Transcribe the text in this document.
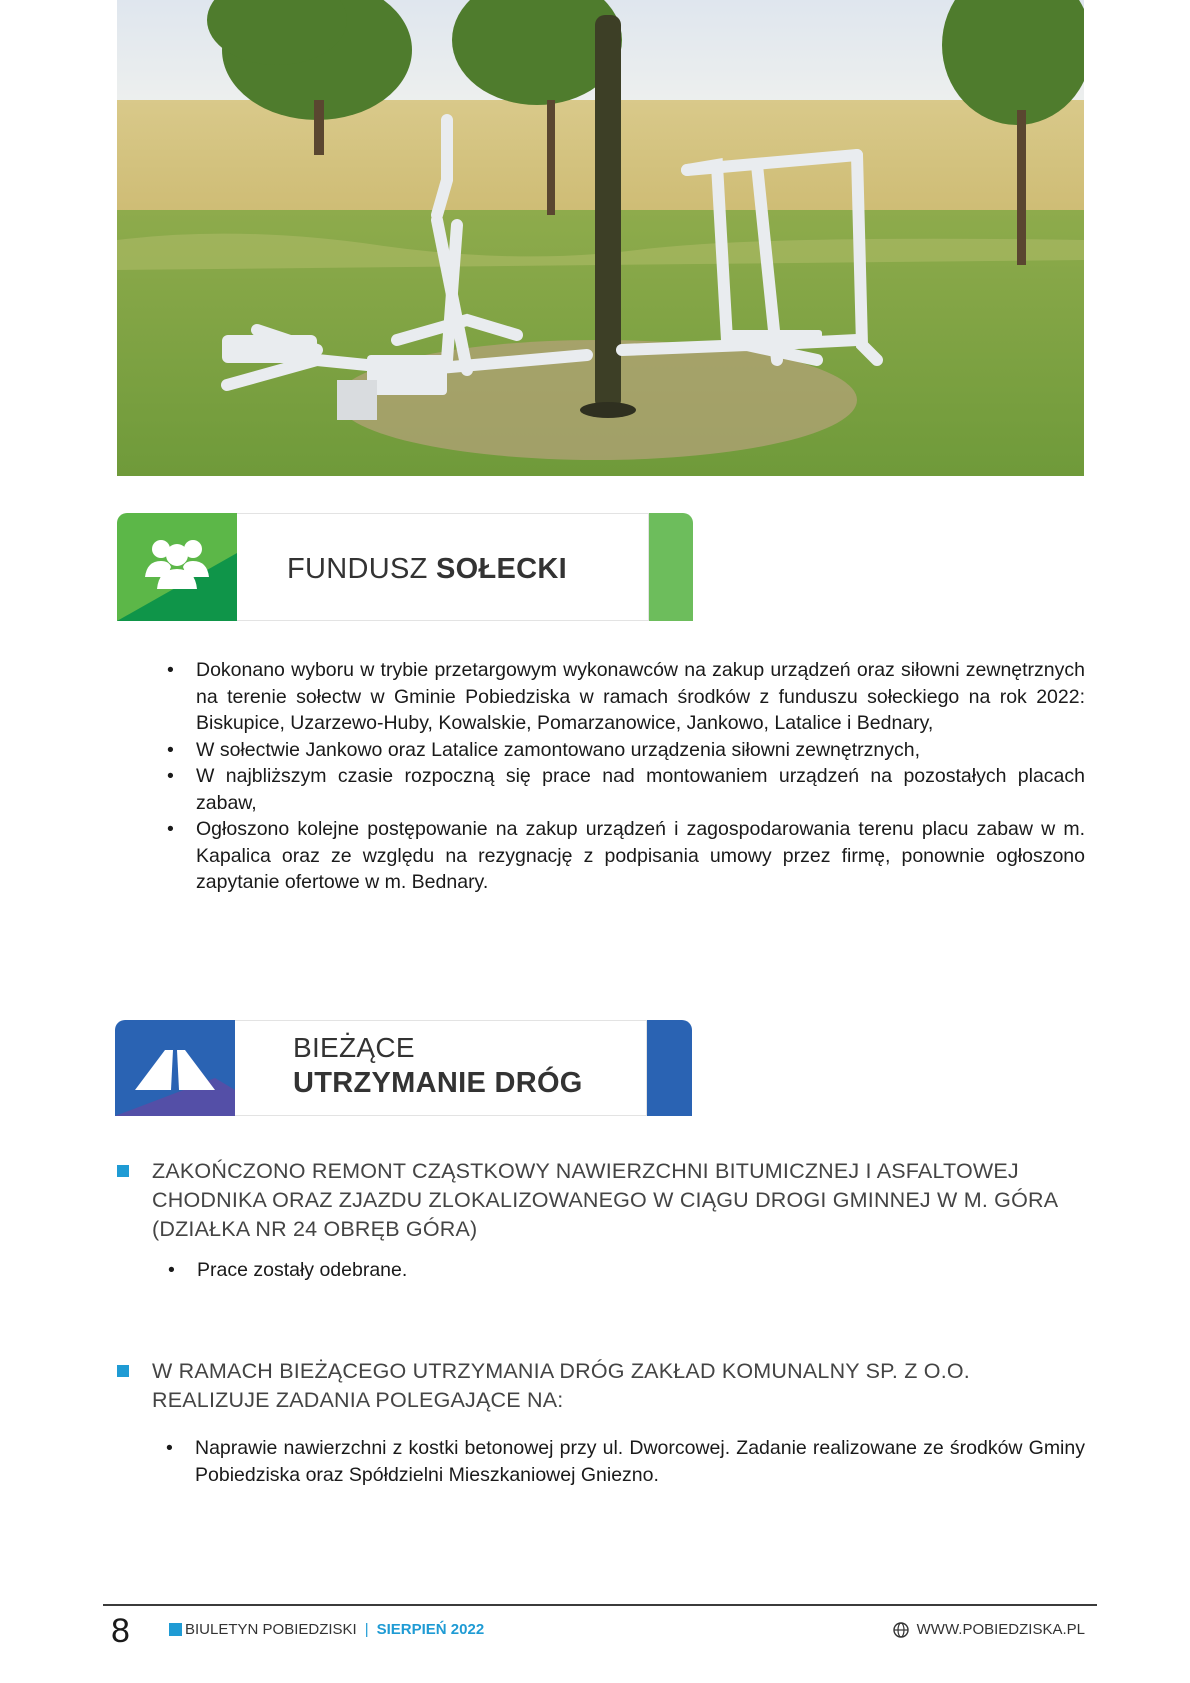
FUNDUSZ SOŁECKI
•	Dokonano wyboru w trybie przetargowym wykonawców na zakup urządzeń oraz siłowni zewnętrznych na terenie sołectw w Gminie Pobiedziska w ramach środków z funduszu sołeckiego na rok 2022: Biskupice, Uzarzewo-Huby, Kowalskie, Pomarzanowice, Jankowo, Latalice i Bednary,
•	W sołectwie Jankowo oraz Latalice zamontowano urządzenia siłowni zewnętrznych,
•	W najbliższym czasie rozpoczną się prace nad montowaniem urządzeń na pozostałych placach zabaw,
•	Ogłoszono kolejne postępowanie na zakup urządzeń i zagospodarowania terenu placu zabaw w m. Kapalica oraz ze względu na rezygnację z podpisania umowy przez firmę, ponownie ogłoszono zapytanie ofertowe w m. Bednary.
BIEŻĄCE
UTRZYMANIE DRÓG
ZAKOŃCZONO REMONT CZĄSTKOWY NAWIERZCHNI BITUMICZNEJ I ASFALTOWEJ CHODNIKA ORAZ ZJAZDU ZLOKALIZOWANEGO W CIĄGU DROGI GMINNEJ W M. GÓRA (DZIAŁKA NR 24 OBRĘB GÓRA)
•	Prace zostały odebrane.
W RAMACH BIEŻĄCEGO UTRZYMANIA DRÓG ZAKŁAD KOMUNALNY SP. Z O.O. REALIZUJE ZADANIA POLEGAJĄCE NA:
•	Naprawie nawierzchni z kostki betonowej przy ul. Dworcowej. Zadanie realizowane ze środków Gminy Pobiedziska oraz Spółdzielni Mieszkaniowej Gniezno.
8	BIULETYN POBIEDZISKI | SIERPIEŃ 2022	WWW.POBIEDZISKA.PL
